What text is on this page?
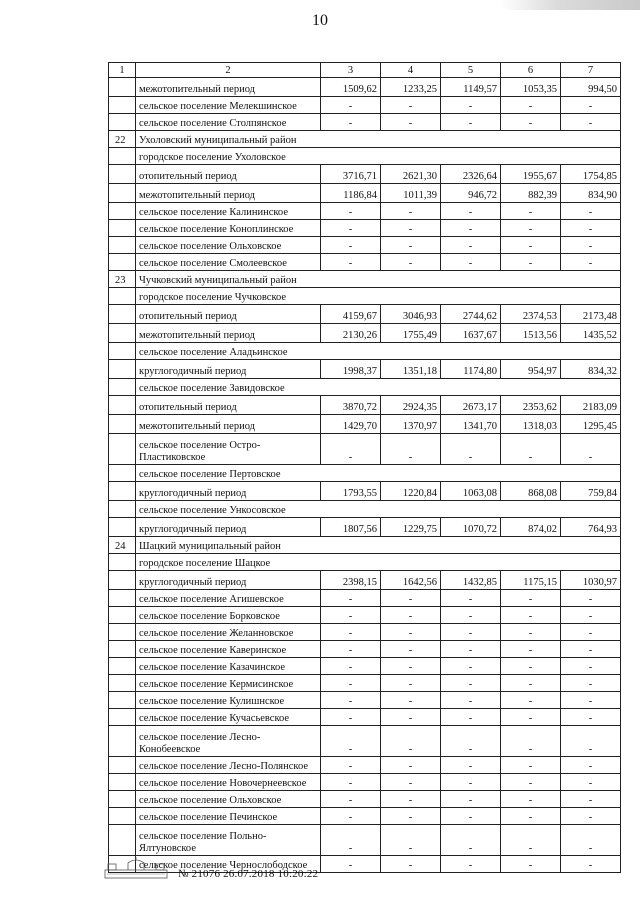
10
1	2	3	4	5	6	7
	межотопительный период	1509,62	1233,25	1149,57	1053,35	994,50
	сельское поселение Мелекшинское	-	-	-	-	-
	сельское поселение Столпянское	-	-	-	-	-
22	Ухоловский муниципальный район					
	городское поселение Ухоловское					
	отопительный период	3716,71	2621,30	2326,64	1955,67	1754,85
	межотопительный период	1186,84	1011,39	946,72	882,39	834,90
	сельское поселение Калининское	-	-	-	-	-
	сельское поселение Коноплинское	-	-	-	-	-
	сельское поселение Ольховское	-	-	-	-	-
	сельское поселение Смолеевское	-	-	-	-	-
23	Чучковский муниципальный район					
	городское поселение Чучковское					
	отопительный период	4159,67	3046,93	2744,62	2374,53	2173,48
	межотопительный период	2130,26	1755,49	1637,67	1513,56	1435,52
	сельское поселение Аладьинское					
	круглогодичный период	1998,37	1351,18	1174,80	954,97	834,32
	сельское поселение Завидовское					
	отопительный период	3870,72	2924,35	2673,17	2353,62	2183,09
	межотопительный период	1429,70	1370,97	1341,70	1318,03	1295,45
	сельское поселение Остро-Пластиковское	-	-	-	-	-
	сельское поселение Пертовское					
	круглогодичный период	1793,55	1220,84	1063,08	868,08	759,84
	сельское поселение Ункосовское					
	круглогодичный период	1807,56	1229,75	1070,72	874,02	764,93
24	Шацкий муниципальный район					
	городское поселение Шацкое					
	круглогодичный период	2398,15	1642,56	1432,85	1175,15	1030,97
	сельское поселение Агишевское	-	-	-	-	-
	сельское поселение Борковское	-	-	-	-	-
	сельское поселение Желанновское	-	-	-	-	-
	сельское поселение Каверинское	-	-	-	-	-
	сельское поселение Казачинское	-	-	-	-	-
	сельское поселение Кермисинское	-	-	-	-	-
	сельское поселение Кулишнское	-	-	-	-	-
	сельское поселение Кучасьевское	-	-	-	-	-
	сельское поселение Лесно-Конобеевское	-	-	-	-	-
	сельское поселение Лесно-Полянское	-	-	-	-	-
	сельское поселение Новочернеевское	-	-	-	-	-
	сельское поселение Ольховское	-	-	-	-	-
	сельское поселение Печинское	-	-	-	-	-
	сельское поселение Польно-Ялтуновское	-	-	-	-	-
	сельское поселение Чернослободское	-	-	-	-	-
№ 21076 26.07.2018 10:20:22
